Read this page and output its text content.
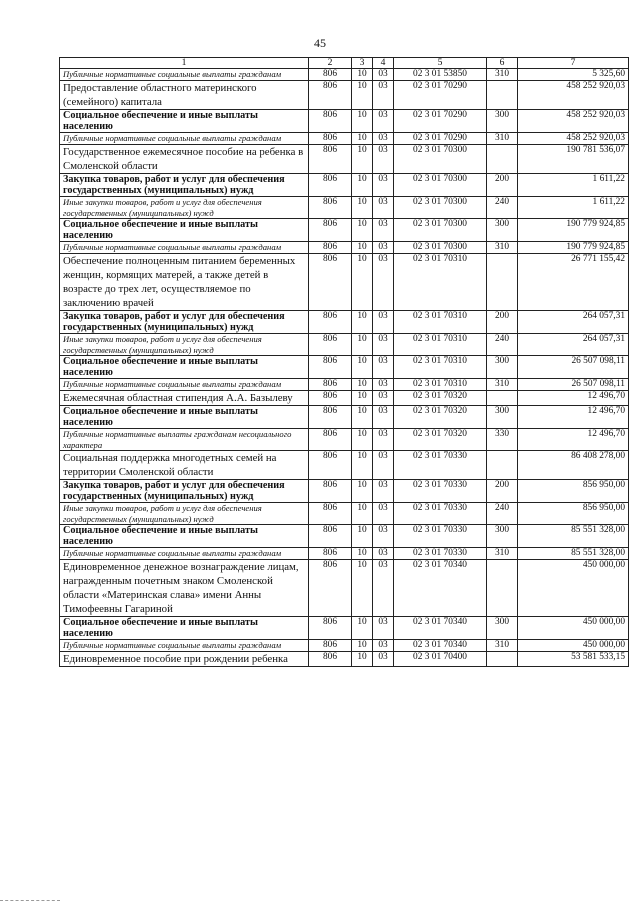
45
1	2	3	4	5	6	7
Публичные нормативные социальные выплаты гражданам	806	10	03	02 3 01 53850	310	5 325,60
Предоставление областного материнского (семейного) капитала	806	10	03	02 3 01 70290		458 252 920,03
Социальное обеспечение и иные выплаты населению	806	10	03	02 3 01 70290	300	458 252 920,03
Публичные нормативные социальные выплаты гражданам	806	10	03	02 3 01 70290	310	458 252 920,03
Государственное ежемесячное пособие на ребенка в Смоленской области	806	10	03	02 3 01 70300		190 781 536,07
Закупка товаров, работ и услуг для обеспечения государственных (муниципальных) нужд	806	10	03	02 3 01 70300	200	1 611,22
Иные закупки товаров, работ и услуг для обеспечения государственных (муниципальных) нужд	806	10	03	02 3 01 70300	240	1 611,22
Социальное обеспечение и иные выплаты населению	806	10	03	02 3 01 70300	300	190 779 924,85
Публичные нормативные социальные выплаты гражданам	806	10	03	02 3 01 70300	310	190 779 924,85
Обеспечение полноценным питанием беременных женщин, кормящих матерей, а также детей в возрасте до трех лет, осуществляемое по заключению врачей	806	10	03	02 3 01 70310		26 771 155,42
Закупка товаров, работ и услуг для обеспечения государственных (муниципальных) нужд	806	10	03	02 3 01 70310	200	264 057,31
Иные закупки товаров, работ и услуг для обеспечения государственных (муниципальных) нужд	806	10	03	02 3 01 70310	240	264 057,31
Социальное обеспечение и иные выплаты населению	806	10	03	02 3 01 70310	300	26 507 098,11
Публичные нормативные социальные выплаты гражданам	806	10	03	02 3 01 70310	310	26 507 098,11
Ежемесячная областная стипендия А.А. Базылеву	806	10	03	02 3 01 70320		12 496,70
Социальное обеспечение и иные выплаты населению	806	10	03	02 3 01 70320	300	12 496,70
Публичные нормативные выплаты гражданам несоциального характера	806	10	03	02 3 01 70320	330	12 496,70
Социальная поддержка многодетных семей на территории Смоленской области	806	10	03	02 3 01 70330		86 408 278,00
Закупка товаров, работ и услуг для обеспечения государственных (муниципальных) нужд	806	10	03	02 3 01 70330	200	856 950,00
Иные закупки товаров, работ и услуг для обеспечения государственных (муниципальных) нужд	806	10	03	02 3 01 70330	240	856 950,00
Социальное обеспечение и иные выплаты населению	806	10	03	02 3 01 70330	300	85 551 328,00
Публичные нормативные социальные выплаты гражданам	806	10	03	02 3 01 70330	310	85 551 328,00
Единовременное денежное вознаграждение лицам, награжденным почетным знаком Смоленской области «Материнская слава» имени Анны Тимофеевны Гагариной	806	10	03	02 3 01 70340		450 000,00
Социальное обеспечение и иные выплаты населению	806	10	03	02 3 01 70340	300	450 000,00
Публичные нормативные социальные выплаты гражданам	806	10	03	02 3 01 70340	310	450 000,00
Единовременное пособие при рождении ребенка	806	10	03	02 3 01 70400		53 581 533,15
